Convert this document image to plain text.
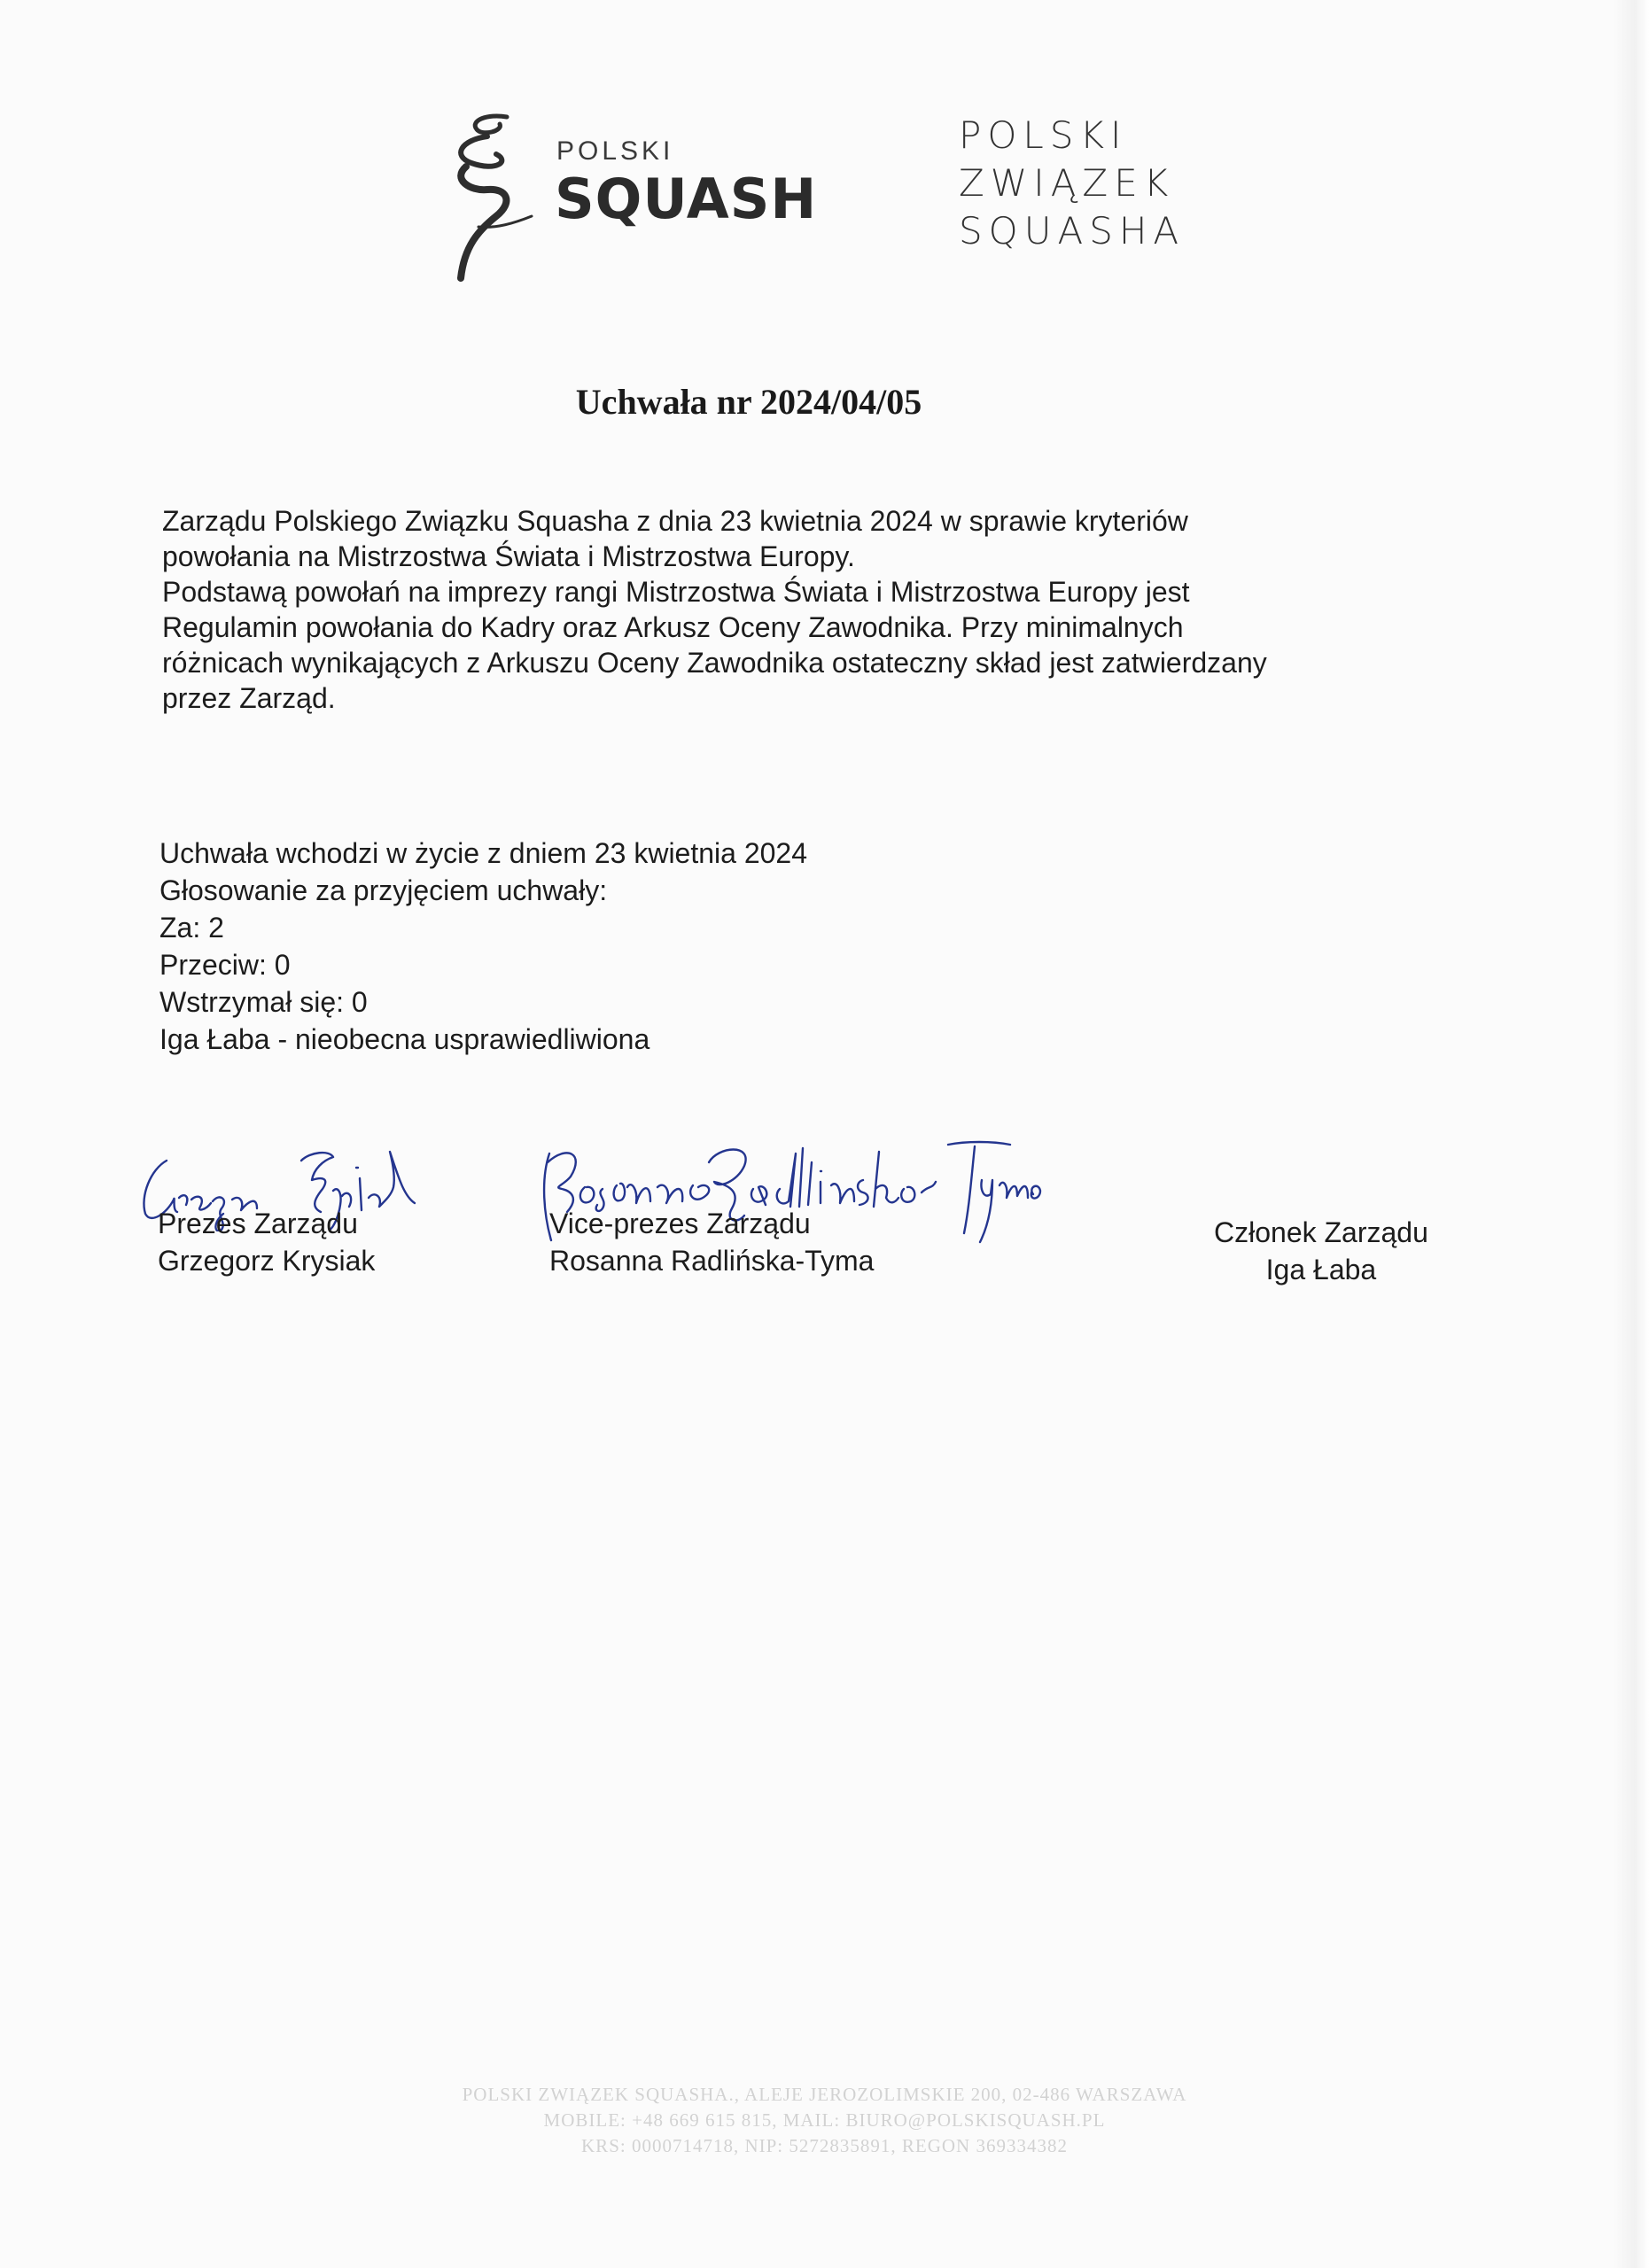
POLSKI
SQUASH
POLSKI
ZWIĄZEK
SQUASHA
Uchwała nr 2024/04/05

Zarządu Polskiego Związku Squasha z dnia 23 kwietnia 2024 w sprawie kryteriów

powołania na Mistrzostwa Świata i Mistrzostwa Europy.

Podstawą powołań na imprezy rangi Mistrzostwa Świata i Mistrzostwa Europy jest

Regulamin powołania do Kadry oraz Arkusz Oceny Zawodnika. Przy minimalnych

różnicach wynikających z Arkuszu Oceny Zawodnika ostateczny skład jest zatwierdzany

przez Zarząd.

Uchwała wchodzi w życie z dniem 23 kwietnia 2024
Głosowanie za przyjęciem uchwały:
Za: 2
Przeciw: 0
Wstrzymał się: 0
Iga Łaba - nieobecna usprawiedliwiona
Prezes Zarządu
Grzegorz Krysiak
Vice-prezes Zarządu
Rosanna Radlińska-Tyma
Członek Zarządu
Iga Łaba
POLSKI ZWIĄZEK SQUASHA., ALEJE JEROZOLIMSKIE 200, 02-486 WARSZAWA
MOBILE: +48 669 615 815, MAIL: BIURO@POLSKISQUASH.PL
KRS: 0000714718, NIP: 5272835891, REGON 369334382
